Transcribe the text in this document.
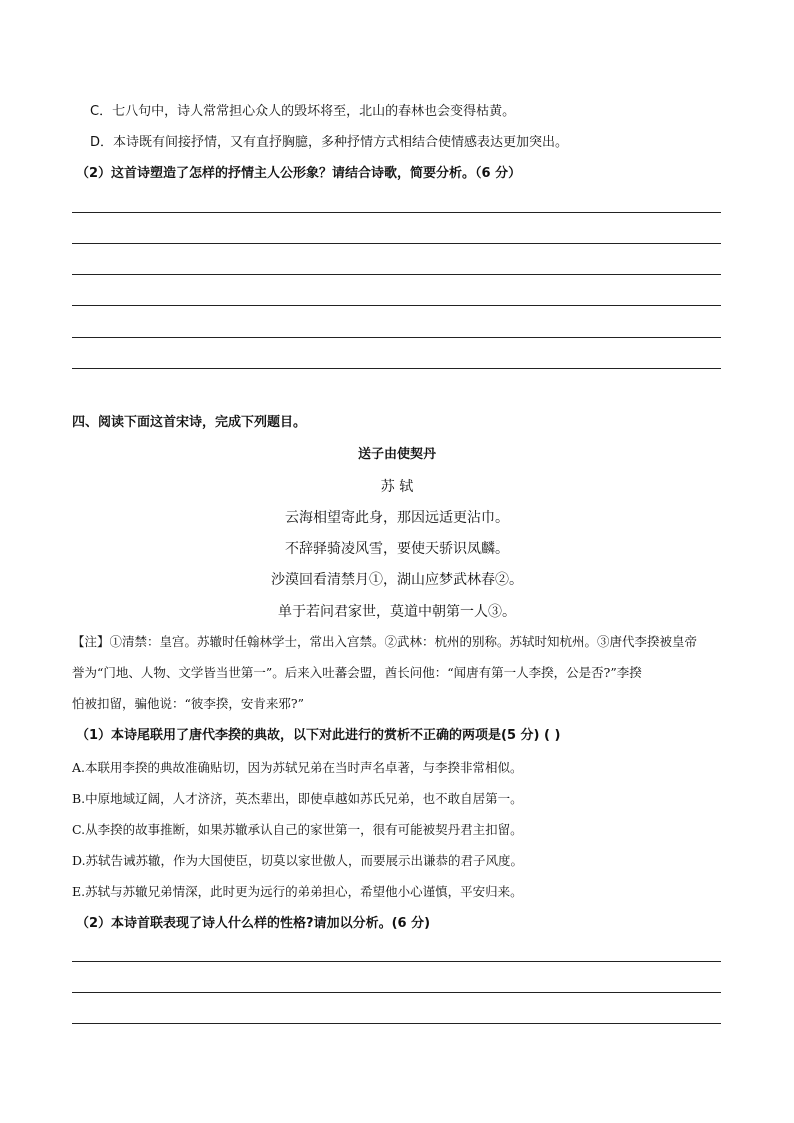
C．七八句中，诗人常常担心众人的毁坏将至，北山的春林也会变得枯黄。
D．本诗既有间接抒情，又有直抒胸臆，多种抒情方式相结合使情感表达更加突出。
（2）这首诗塑造了怎样的抒情主人公形象？请结合诗歌，简要分析。（6 分）
四、阅读下面这首宋诗，完成下列题目。
送子由使契丹
苏 轼
云海相望寄此身，那因远适更沾巾。
不辞驿骑凌风雪，要使天骄识凤麟。
沙漠回看清禁月①，湖山应梦武林春②。
单于若问君家世，莫道中朝第一人③。
【注】①清禁：皇宫。苏辙时任翰林学士，常出入宫禁。②武林：杭州的别称。苏轼时知杭州。③唐代李揆被皇帝
誉为“门地、人物、文学皆当世第一”。后来入吐蕃会盟，酋长问他：“闻唐有第一人李揆，公是否?”李揆
怕被扣留，骗他说：“彼李揆，安肯来邪?”
（1）本诗尾联用了唐代李揆的典故，以下对此进行的赏析不正确的两项是(5 分) ( )
A.本联用李揆的典故准确贴切，因为苏轼兄弟在当时声名卓著，与李揆非常相似。
B.中原地域辽阔，人才济济，英杰辈出，即使卓越如苏氏兄弟，也不敢自居第一。
C.从李揆的故事推断，如果苏辙承认自己的家世第一，很有可能被契丹君主扣留。
D.苏轼告诫苏辙，作为大国使臣，切莫以家世傲人，而要展示出谦恭的君子风度。
E.苏轼与苏辙兄弟情深，此时更为远行的弟弟担心，希望他小心谨慎，平安归来。
（2）本诗首联表现了诗人什么样的性格?请加以分析。(6 分)
